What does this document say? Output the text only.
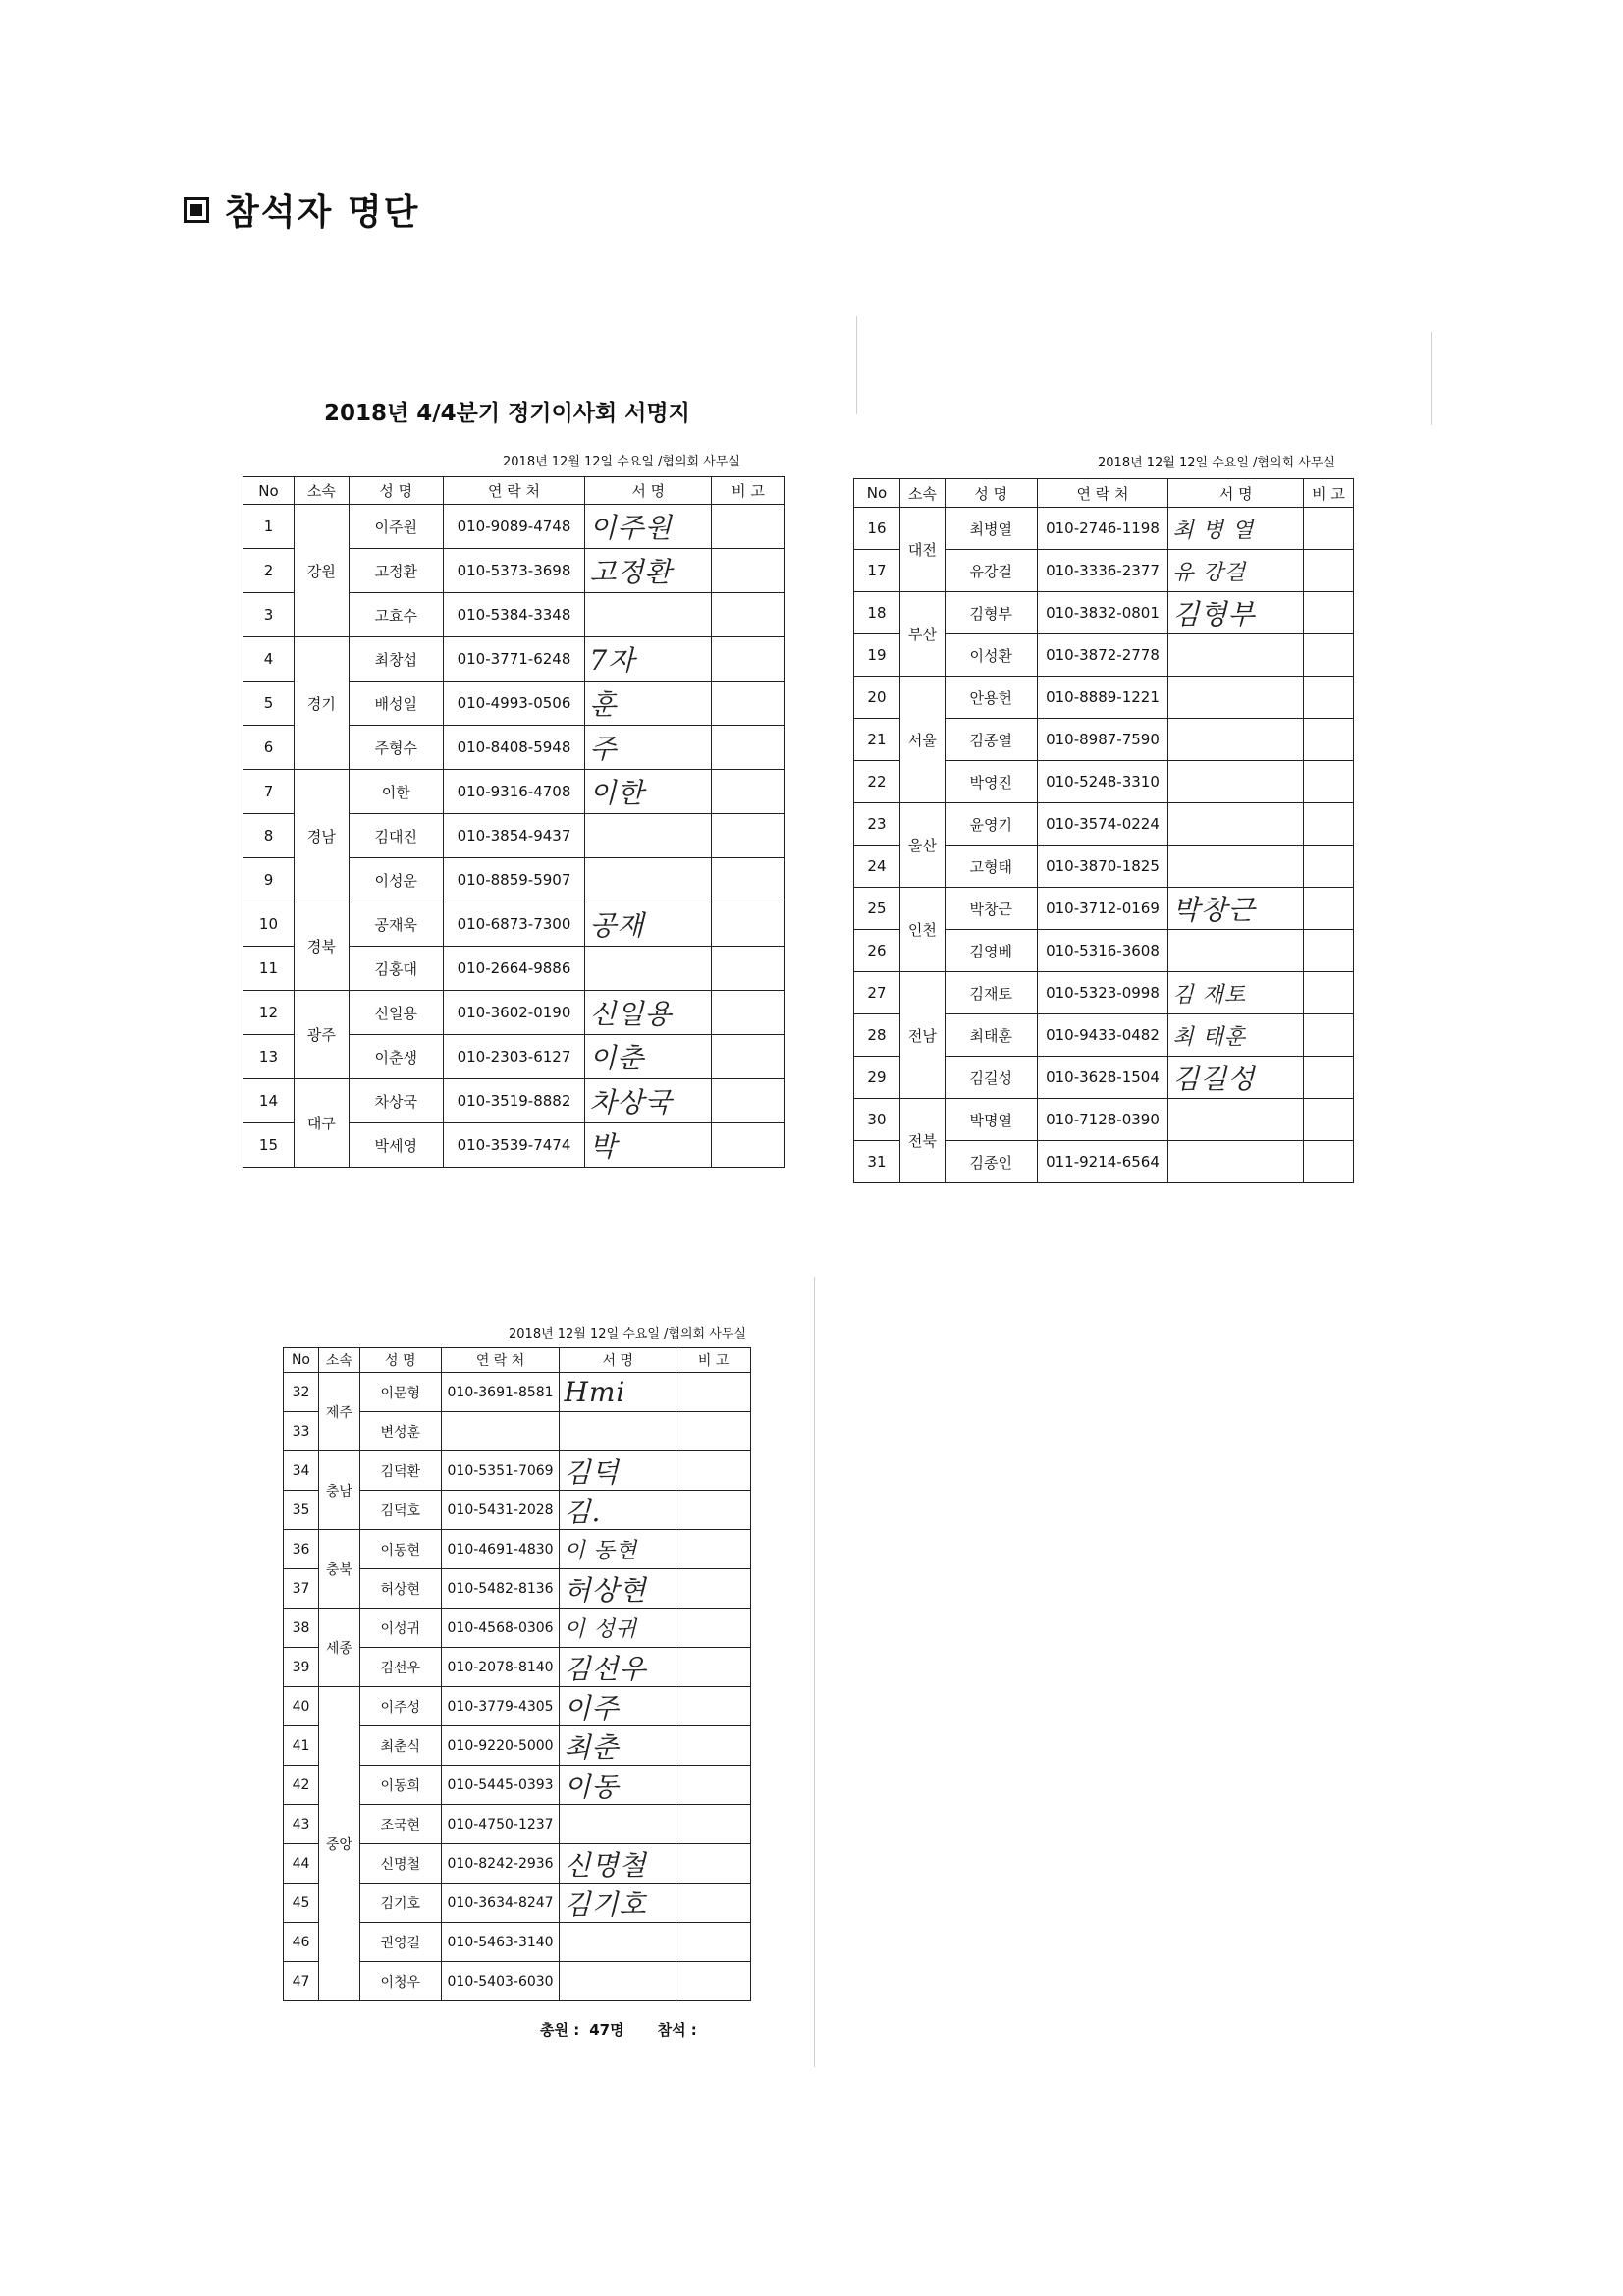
참석자 명단
2018년 4/4분기 정기이사회 서명지
2018년 12월 12일 수요일 /협의회 사무실	2018년 12월 12일 수요일 /협의회 사무실
2018년 12월 12일 수요일 /협의회 사무실
No	소속	성 명	연 락 처	서 명	비 고
1	강원	이주원	010-9089-4748	이주원	

2		고정환	010-5373-3698	고정환	

3		고효수	010-5384-3348		
4	경기	최창섭	010-3771-6248	7자	

5		배성일	010-4993-0506	훈	

6		주형수	010-8408-5948	주	

7	경남	이한	010-9316-4708	이한	

8		김대진	010-3854-9437		
9		이성운	010-8859-5907		
10	경북	공재욱	010-6873-7300	공재	

11		김홍대	010-2664-9886		
12	광주	신일용	010-3602-0190	신일용	

13		이춘생	010-2303-6127	이춘	

14	대구	차상국	010-3519-8882	차상국	

15		박세영	010-3539-7474	박	

No	소속	성 명	연 락 처	서 명	비 고
16	대전	최병열	010-2746-1198	최 병 열	

17		유강걸	010-3336-2377	유 강걸	

18	부산	김형부	010-3832-0801	김형부	

19		이성환	010-3872-2778		
20	서울	안용헌	010-8889-1221		
21		김종열	010-8987-7590		
22		박영진	010-5248-3310		
23	울산	윤영기	010-3574-0224		
24		고형태	010-3870-1825		
25	인천	박창근	010-3712-0169	박창근	

26		김영베	010-5316-3608		
27	전남	김재토	010-5323-0998	김 재토	

28		최태훈	010-9433-0482	최 태훈	

29		김길성	010-3628-1504	김길성	

30	전북	박명열	010-7128-0390		
31		김종인	011-9214-6564		
No	소속	성 명	연 락 처	서 명	비 고
32	제주	이문형	010-3691-8581	Hmi	

33		변성훈			
34	충남	김덕환	010-5351-7069	김덕	

35		김덕호	010-5431-2028	김.	

36	충북	이동현	010-4691-4830	이 동현	

37		허상현	010-5482-8136	허상현	

38	세종	이성귀	010-4568-0306	이 성귀	

39		김선우	010-2078-8140	김선우	

40	중앙	이주성	010-3779-4305	이주	

41		최춘식	010-9220-5000	최춘	

42		이동희	010-5445-0393	이동	

43		조국현	010-4750-1237		
44		신명철	010-8242-2936	신명철	

45		김기호	010-3634-8247	김기호	

46		권영길	010-5463-3140		
47		이청우	010-5403-6030		
총원 : 47명 참석 :
